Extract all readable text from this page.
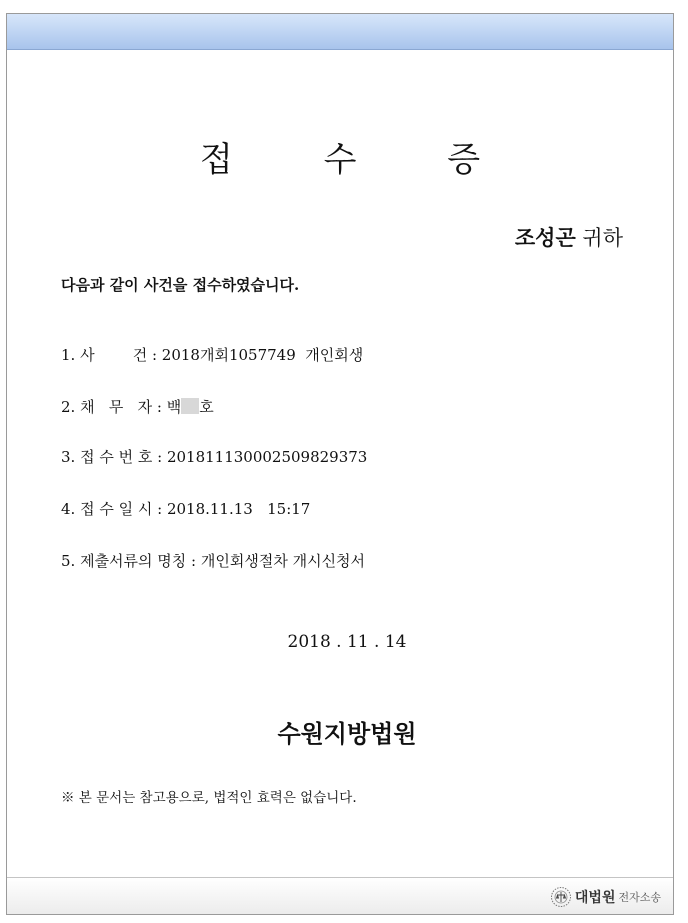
접 수 증
조성곤 귀하
다음과 같이 사건을 접수하였습니다.
1. 사        건 : 2018개회1057749  개인회생
2. 채   무   자 : 백 호
3. 접 수 번 호 : 20181113000250982937​3
4. 접 수 일 시 : 2018.11.13   15:17
5. 제출서류의 명칭 : 개인회생절차 개시신청서
2018 . 11 . 14
수원지방법원
※ 본 문서는 참고용으로, 법적인 효력은 없습니다.
대법원 전자소송
